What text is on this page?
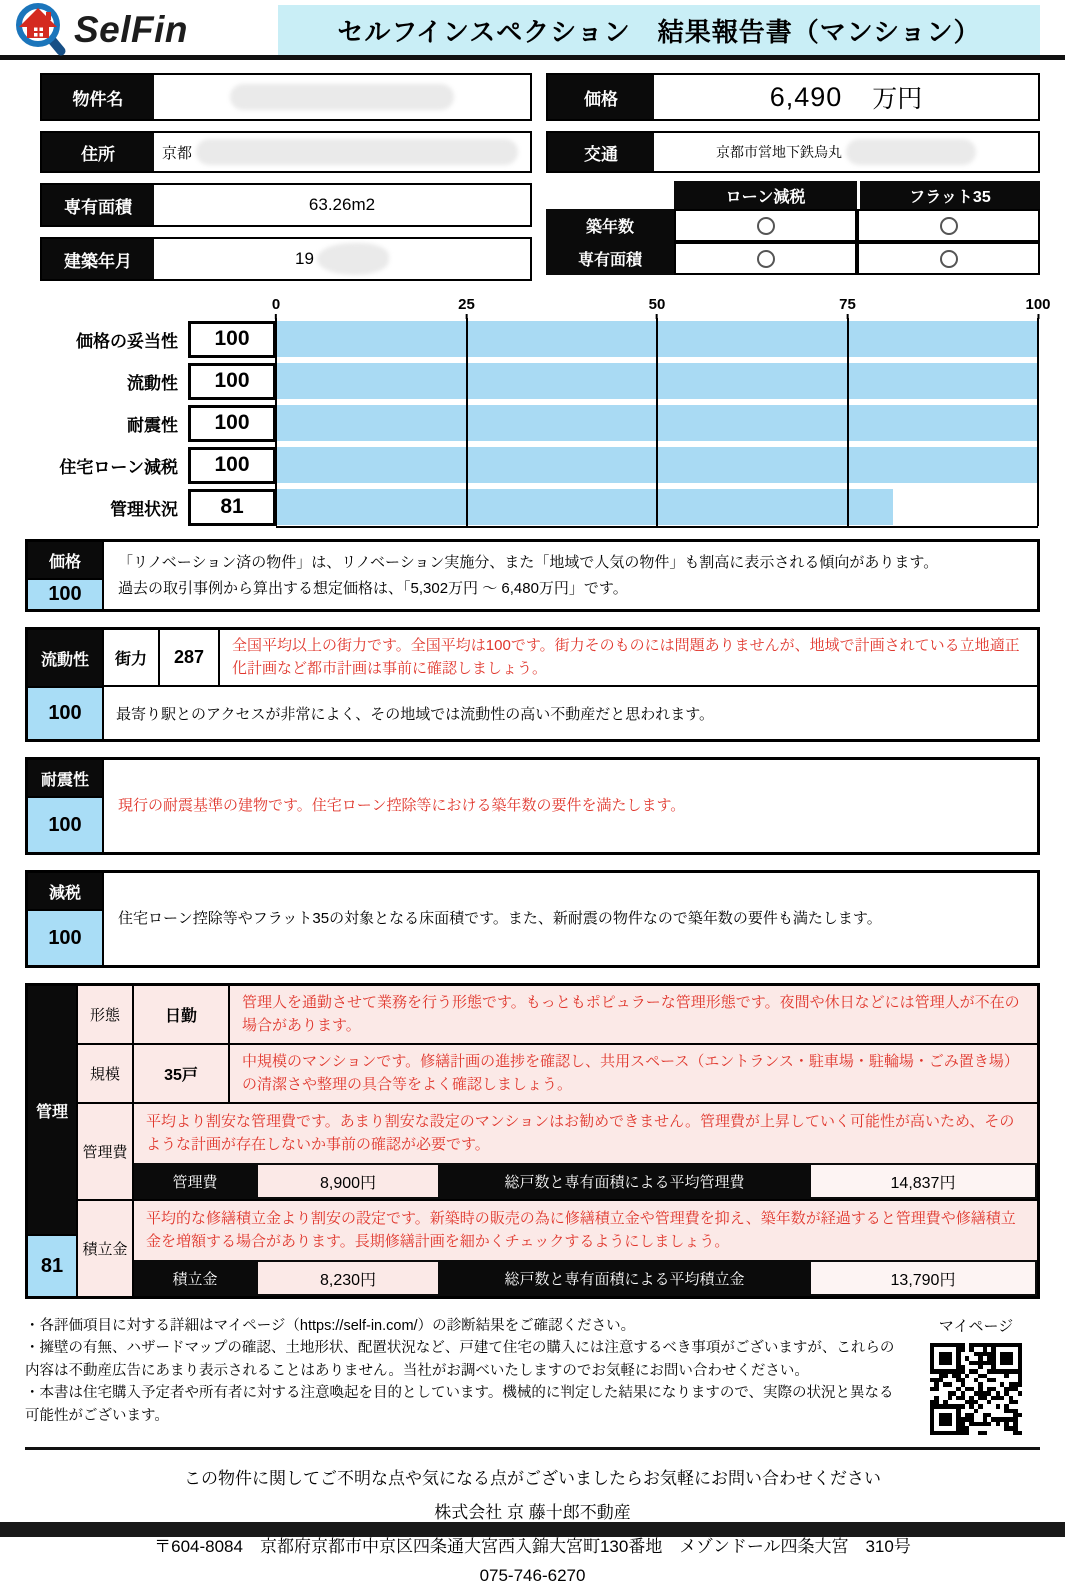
SelFin	セルフインスペクション　結果報告書（マンション）
物件名
住所	京都
専有面積	63.26m2
建築年月	19
価格	6,490 万円
交通	京都市営地下鉄烏丸
ローン減税	フラット35
築年数
専有面積
0	25	50	75	100
価格の妥当性	100
流動性	100
耐震性	100
住宅ローン減税	100
管理状況	81
価格
100
「リノベーション済の物件」は、リノベーション実施分、また「地域で人気の物件」も割高に表示される傾向があります。
過去の取引事例から算出する想定価格は、「5,302万円 ～ 6,480万円」です。
流動性
100
街力	287
全国平均以上の街力です。全国平均は100です。街力そのものには問題ありませんが、地域で計画されている立地適正化計画など都市計画は事前に確認しましょう。
最寄り駅とのアクセスが非常によく、その地域では流動性の高い不動産だと思われます。
耐震性
100
現行の耐震基準の建物です。住宅ローン控除等における築年数の要件を満たします。
減税
100
住宅ローン控除等やフラット35の対象となる床面積です。また、新耐震の物件なので築年数の要件も満たします。
管理
81
形態	日勤
管理人を通勤させて業務を行う形態です。もっともポピュラーな管理形態です。夜間や休日などには管理人が不在の場合があります。
規模	35戸
中規模のマンションです。修繕計画の進捗を確認し、共用スペース（エントランス・駐車場・駐輪場・ごみ置き場）の清潔さや整理の具合等をよく確認しましょう。
管理費
平均より割安な管理費です。あまり割安な設定のマンションはお勧めできません。管理費が上昇していく可能性が高いため、そのような計画が存在しないか事前の確認が必要です。
管理費	8,900円	総戸数と専有面積による平均管理費	14,837円
積立金
平均的な修繕積立金より割安の設定です。新築時の販売の為に修繕積立金や管理費を抑え、築年数が経過すると管理費や修繕積立金を増額する場合があります。長期修繕計画を細かくチェックするようにしましょう。
積立金	8,230円	総戸数と専有面積による平均積立金	13,790円
・各評価項目に対する詳細はマイページ（https://self-in.com/）の診断結果をご確認ください。
・擁壁の有無、ハザードマップの確認、土地形状、配置状況など、戸建て住宅の購入には注意するべき事項がございますが、これらの内容は不動産広告にあまり表示されることはありません。当社がお調べいたしますのでお気軽にお問い合わせください。
・本書は住宅購入予定者や所有者に対する注意喚起を目的としています。機械的に判定した結果になりますので、実際の状況と異なる可能性がございます。
マイページ
この物件に関してご不明な点や気になる点がございましたらお気軽にお問い合わせください
株式会社 京 藤十郎不動産
〒604-8084　京都府京都市中京区四条通大宮西入錦大宮町130番地　メゾンドール四条大宮　310号
075-746-6270
